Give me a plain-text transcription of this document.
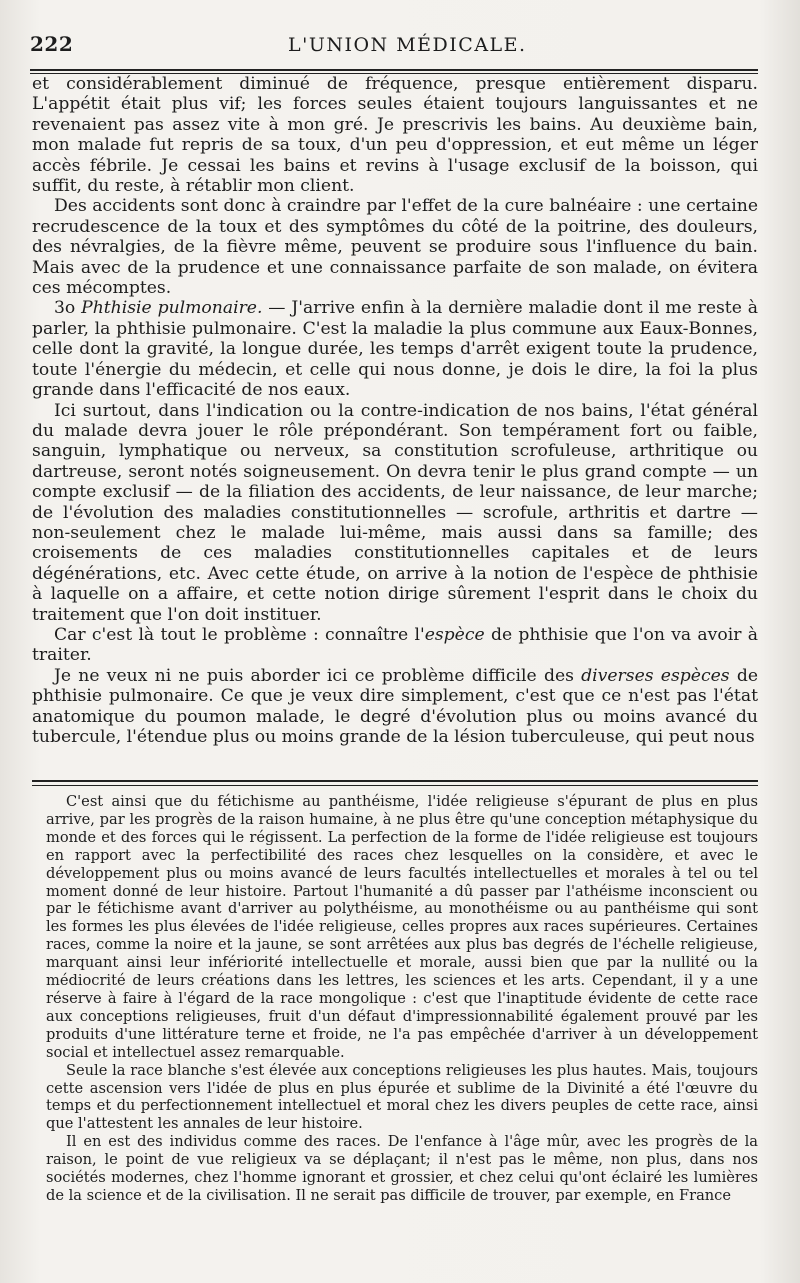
222	L'UNION MÉDICALE.

et considérablement diminué de fréquence, presque entièrement disparu. L'appétit était plus vif; les forces seules étaient toujours languissantes et ne revenaient pas assez vite à mon gré. Je prescrivis les bains. Au deuxième bain, mon malade fut repris de sa toux, d'un peu d'oppression, et eut même un léger accès fébrile. Je cessai les bains et revins à l'usage exclusif de la boisson, qui suffit, du reste, à rétablir mon client.

Des accidents sont donc à craindre par l'effet de la cure balnéaire : une certaine recrudescence de la toux et des symptômes du côté de la poitrine, des douleurs, des névralgies, de la fièvre même, peuvent se produire sous l'influence du bain. Mais avec de la prudence et une connaissance parfaite de son malade, on évitera ces mécomptes.

3o Phthisie pulmonaire. — J'arrive enfin à la dernière maladie dont il me reste à parler, la phthisie pulmonaire. C'est la maladie la plus commune aux Eaux-Bonnes, celle dont la gravité, la longue durée, les temps d'arrêt exigent toute la prudence, toute l'énergie du médecin, et celle qui nous donne, je dois le dire, la foi la plus grande dans l'efficacité de nos eaux.

Ici surtout, dans l'indication ou la contre-indication de nos bains, l'état général du malade devra jouer le rôle prépondérant. Son tempérament fort ou faible, sanguin, lymphatique ou nerveux, sa constitution scrofuleuse, arthritique ou dartreuse, seront notés soigneusement. On devra tenir le plus grand compte — un compte exclusif — de la filiation des accidents, de leur naissance, de leur marche; de l'évolution des maladies constitutionnelles — scrofule, arthritis et dartre — non-seulement chez le malade lui-même, mais aussi dans sa famille; des croisements de ces maladies constitutionnelles capitales et de leurs dégénérations, etc. Avec cette étude, on arrive à la notion de l'espèce de phthisie à laquelle on a affaire, et cette notion dirige sûrement l'esprit dans le choix du traitement que l'on doit instituer.

Car c'est là tout le problème : connaître l'espèce de phthisie que l'on va avoir à traiter.

Je ne veux ni ne puis aborder ici ce problème difficile des diverses espèces de phthisie pulmonaire. Ce que je veux dire simplement, c'est que ce n'est pas l'état anatomique du poumon malade, le degré d'évolution plus ou moins avancé du tubercule, l'étendue plus ou moins grande de la lésion tuberculeuse, qui peut nous

C'est ainsi que du fétichisme au panthéisme, l'idée religieuse s'épurant de plus en plus arrive, par les progrès de la raison humaine, à ne plus être qu'une conception métaphysique du monde et des forces qui le régissent. La perfection de la forme de l'idée religieuse est toujours en rapport avec la perfectibilité des races chez lesquelles on la considère, et avec le développement plus ou moins avancé de leurs facultés intellectuelles et morales à tel ou tel moment donné de leur histoire. Partout l'humanité a dû passer par l'athéisme inconscient ou par le fétichisme avant d'arriver au polythéisme, au monothéisme ou au panthéisme qui sont les formes les plus élevées de l'idée religieuse, celles propres aux races supérieures. Certaines races, comme la noire et la jaune, se sont arrêtées aux plus bas degrés de l'échelle religieuse, marquant ainsi leur infériorité intellectuelle et morale, aussi bien que par la nullité ou la médiocrité de leurs créations dans les lettres, les sciences et les arts. Cependant, il y a une réserve à faire à l'égard de la race mongolique : c'est que l'inaptitude évidente de cette race aux conceptions religieuses, fruit d'un défaut d'impressionnabilité également prouvé par les produits d'une littérature terne et froide, ne l'a pas empêchée d'arriver à un développement social et intellectuel assez remarquable.

Seule la race blanche s'est élevée aux conceptions religieuses les plus hautes. Mais, toujours cette ascension vers l'idée de plus en plus épurée et sublime de la Divinité a été l'œuvre du temps et du perfectionnement intellectuel et moral chez les divers peuples de cette race, ainsi que l'attestent les annales de leur histoire.

Il en est des individus comme des races. De l'enfance à l'âge mûr, avec les progrès de la raison, le point de vue religieux va se déplaçant; il n'est pas le même, non plus, dans nos sociétés modernes, chez l'homme ignorant et grossier, et chez celui qu'ont éclairé les lumières de la science et de la civilisation. Il ne serait pas difficile de trouver, par exemple, en France
